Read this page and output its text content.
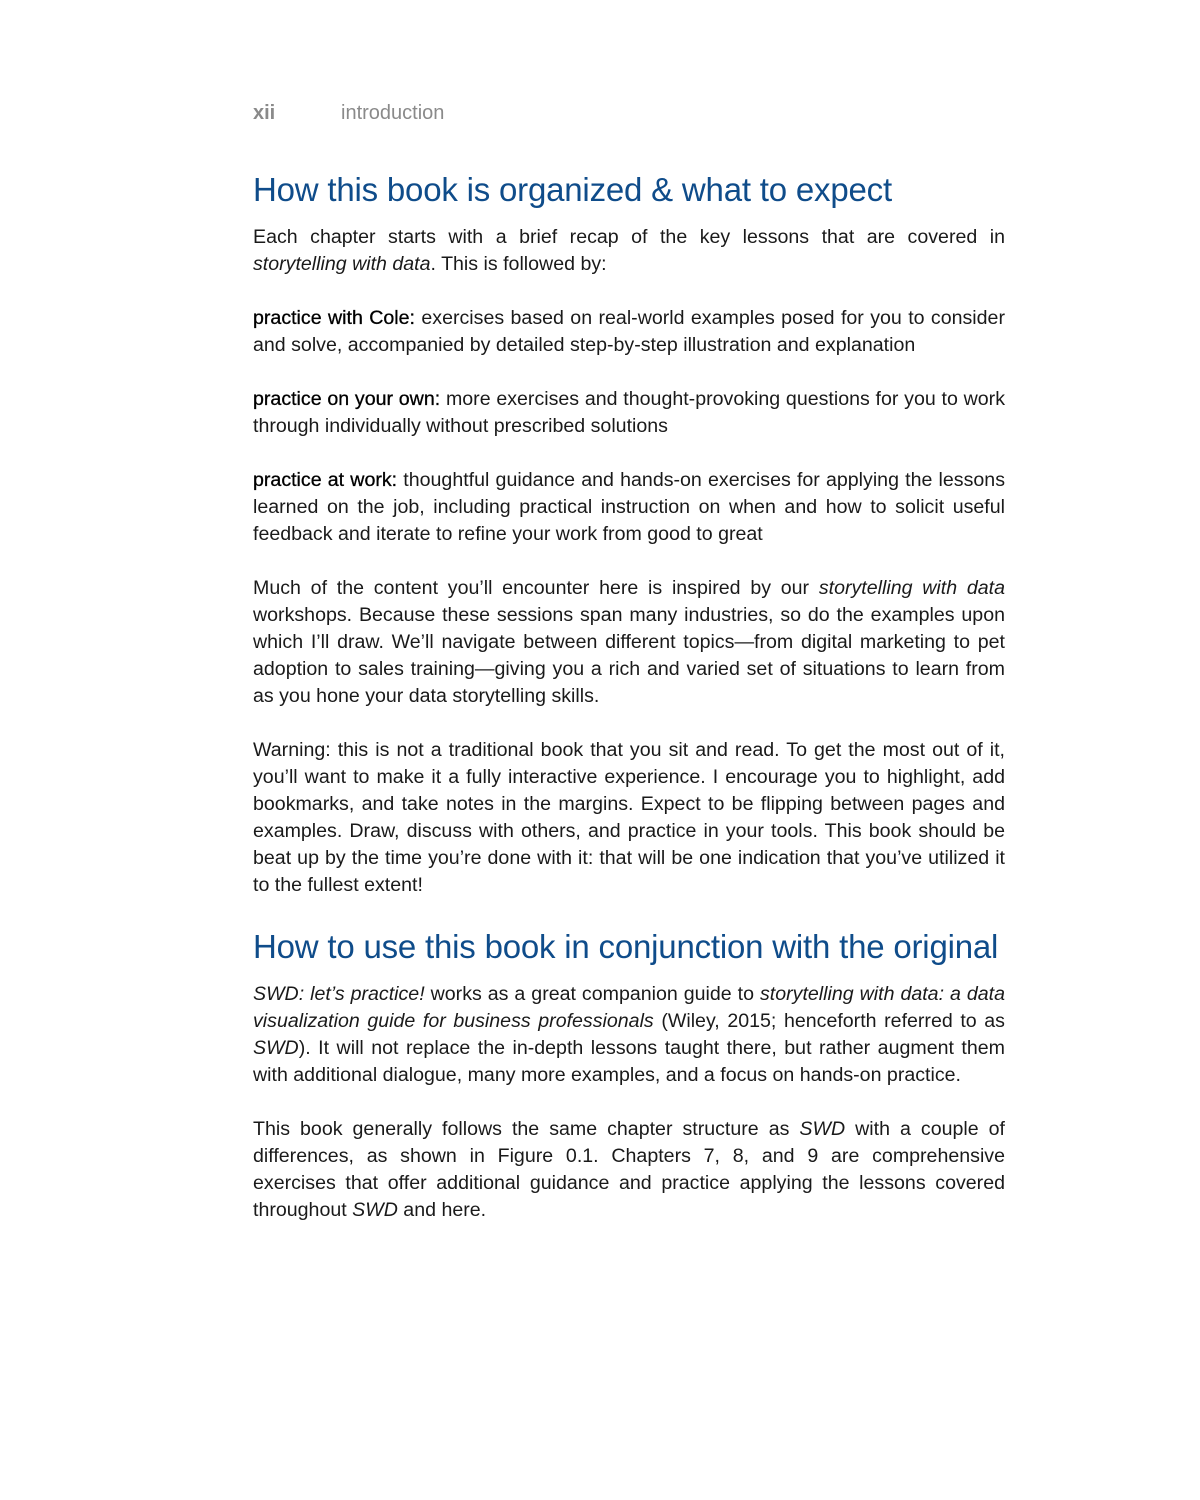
xii	introduction
How this book is organized & what to expect

Each chapter starts with a brief recap of the key lessons that are covered in storytelling with data. This is followed by:

practice with Cole: exercises based on real-world examples posed for you to consider and solve, accompanied by detailed step-by-step illustration and explanation

practice on your own: more exercises and thought-provoking questions for you to work through individually without prescribed solutions

practice at work: thoughtful guidance and hands-on exercises for applying the lessons learned on the job, including practical instruction on when and how to solicit useful feedback and iterate to refine your work from good to great

Much of the content you’ll encounter here is inspired by our storytelling with data workshops. Because these sessions span many industries, so do the examples upon which I’ll draw. We’ll navigate between different topics—from digital marketing to pet adoption to sales training—giving you a rich and varied set of situations to learn from as you hone your data storytelling skills.

Warning: this is not a traditional book that you sit and read. To get the most out of it, you’ll want to make it a fully interactive experience. I encourage you to highlight, add bookmarks, and take notes in the margins. Expect to be flipping between pages and examples. Draw, discuss with others, and practice in your tools. This book should be beat up by the time you’re done with it: that will be one indication that you’ve utilized it to the fullest extent!

How to use this book in conjunction with the original

SWD: let’s practice! works as a great companion guide to storytelling with data: a data visualization guide for business professionals (Wiley, 2015; henceforth referred to as SWD). It will not replace the in-depth lessons taught there, but rather augment them with additional dialogue, many more examples, and a focus on hands-on practice.

This book generally follows the same chapter structure as SWD with a couple of differences, as shown in Figure 0.1. Chapters 7, 8, and 9 are comprehensive exercises that offer additional guidance and practice applying the lessons covered throughout SWD and here.
